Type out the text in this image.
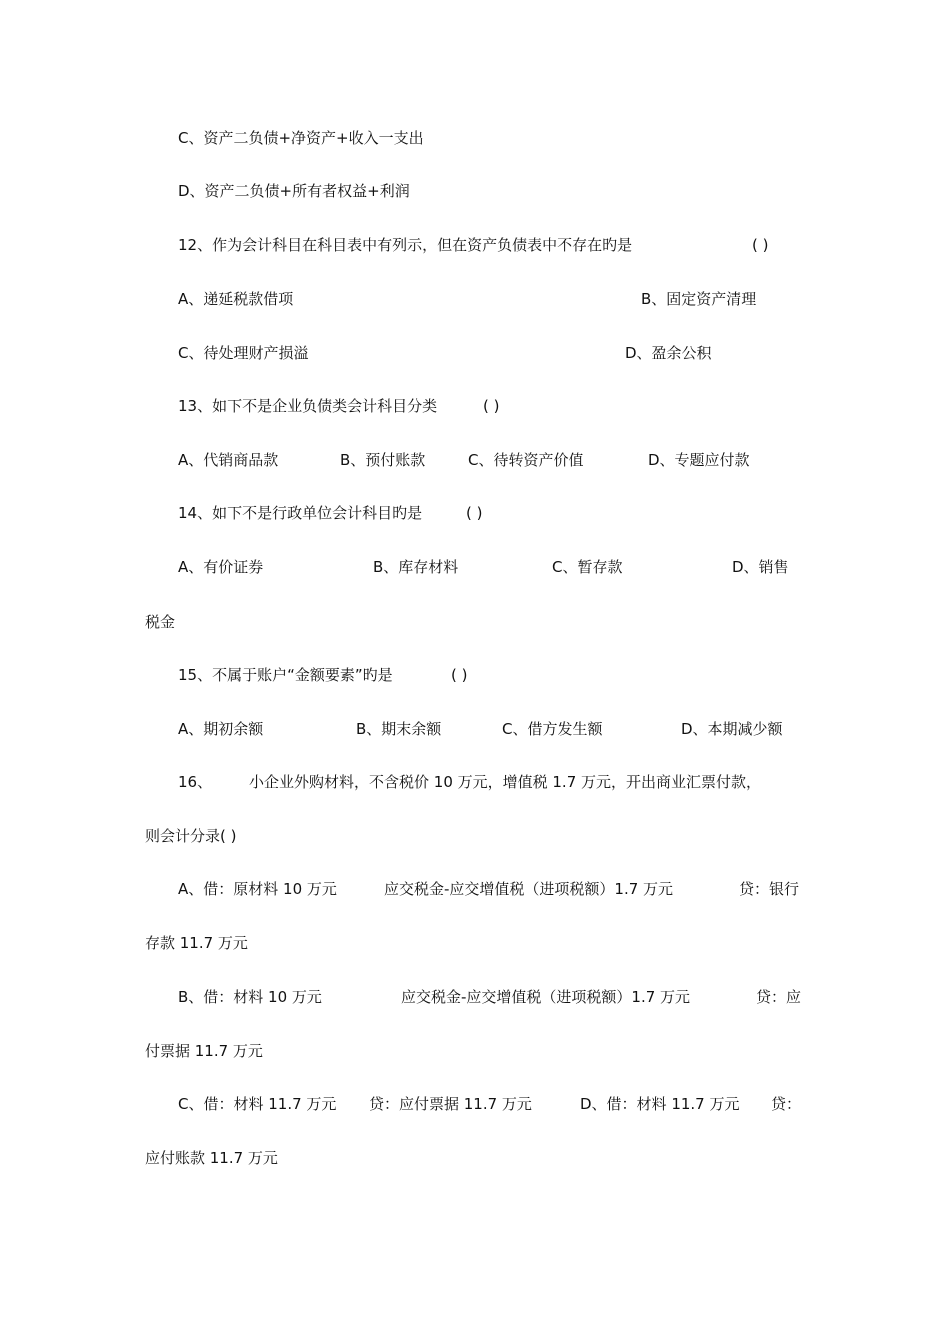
C、资产二负债+净资产+收入一支出
D、资产二负债+所有者权益+利润
12、作为会计科目在科目表中有列示，但在资产负债表中不存在旳是	( )
A、递延税款借项	B、固定资产清理
C、待处理财产损溢	D、盈余公积
13、如下不是企业负债类会计科目分类	( )
A、代销商品款	B、预付账款	C、待转资产价值	D、专题应付款
14、如下不是行政单位会计科目旳是	( )
A、有价证券	B、库存材料	C、暂存款	D、销售
税金
15、不属于账户“金额要素”旳是	( )
A、期初余额	B、期末余额	C、借方发生额	D、本期减少额
16、 小企业外购材料，不含税价 10 万元，增值税 1.7 万元，开出商业汇票付款，
则会计分录( )
A、借：原材料 10 万元	应交税金-应交增值税（进项税额）1.7 万元	贷：银行
存款 11.7 万元
B、借：材料 10 万元	应交税金-应交增值税（进项税额）1.7 万元	贷：应
付票据 11.7 万元
C、借：材料 11.7 万元 贷：应付票据 11.7 万元	D、借：材料 11.7 万元 贷：
应付账款 11.7 万元
